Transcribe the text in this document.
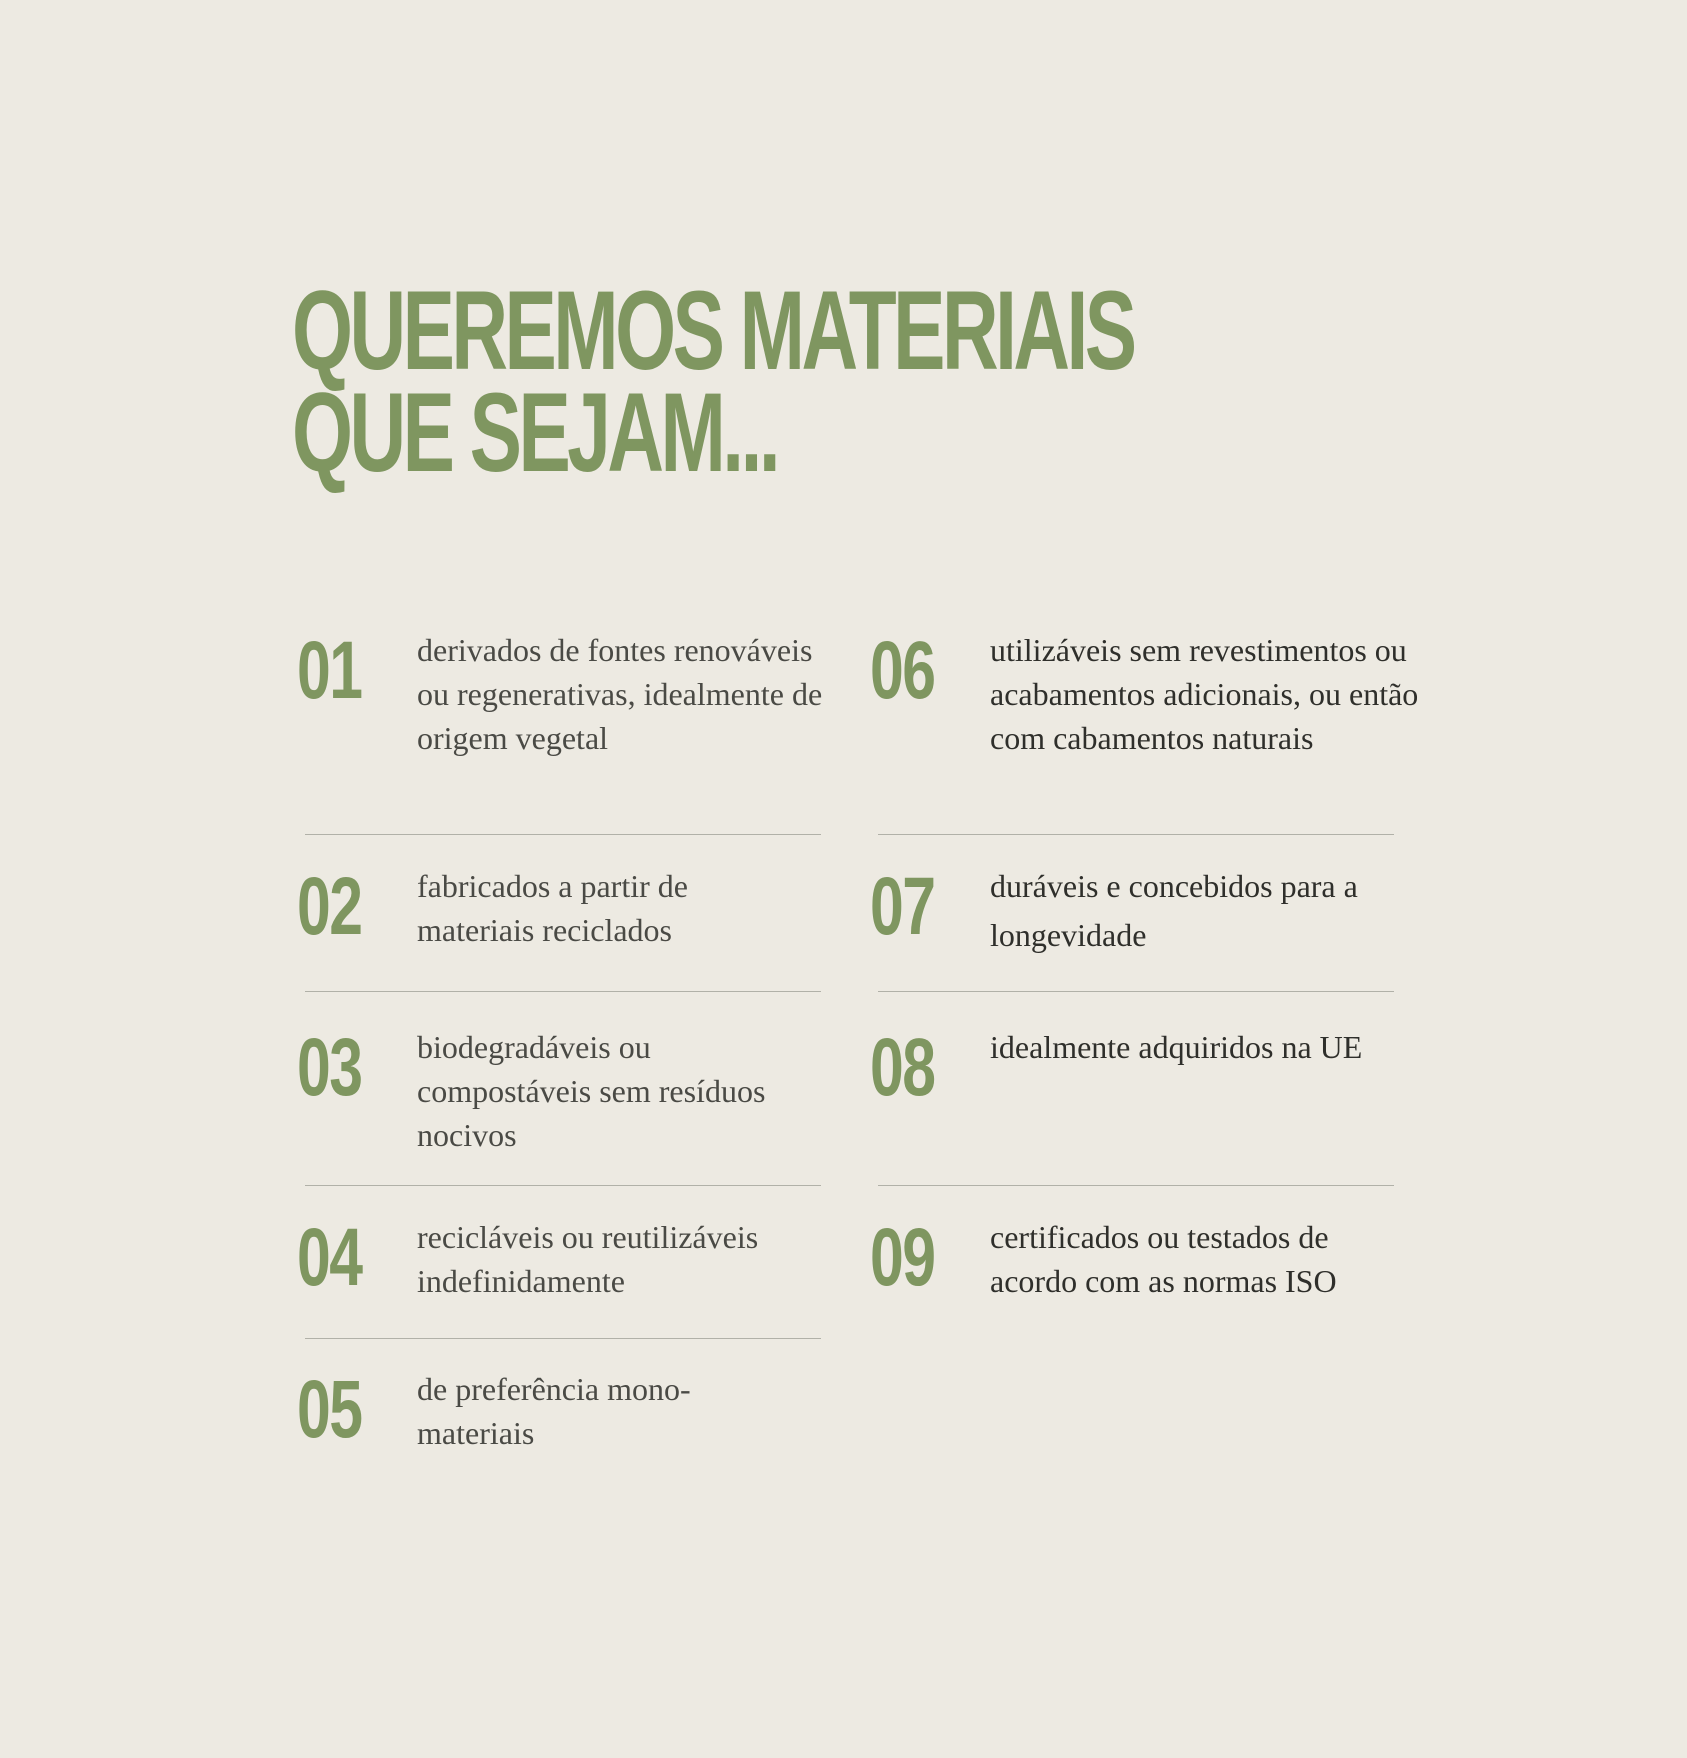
QUEREMOS MATERIAIS
QUE SEJAM...
01 derivados de fontes renováveis ou regenerativas, idealmente de origem vegetal
02 fabricados a partir de materiais reciclados
03 biodegradáveis ou compostáveis sem resíduos nocivos
04 recicláveis ou reutilizáveis indefinidamente
05 de preferência mono-materiais
06 utilizáveis sem revestimentos ou acabamentos adicionais, ou então com cabamentos naturais
07 duráveis e concebidos para a longevidade
08 idealmente adquiridos na UE
09 certificados ou testados de acordo com as normas ISO
